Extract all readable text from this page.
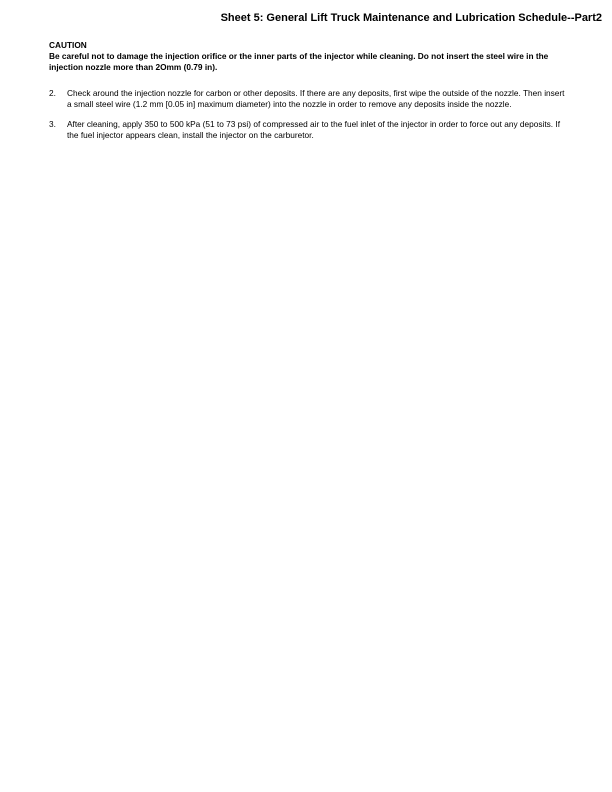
Sheet 5: General Lift Truck Maintenance and Lubrication Schedule--Part2
CAUTION
Be careful not to damage the injection orifice or the inner parts of the injector while cleaning. Do not insert the steel wire in the injection nozzle more than 2Omm (0.79 in).
2.	Check around the injection nozzle for carbon or other deposits. If there are any deposits, first wipe the outside of the nozzle. Then insert a small steel wire (1.2 mm [0.05 in] maximum diameter) into the nozzle in order to remove any deposits inside the nozzle.
3.	After cleaning, apply 350 to 500 kPa (51 to 73 psi) of compressed air to the fuel inlet of the injector in order to force out any deposits. If the fuel injector appears clean, install the injector on the carburetor.
